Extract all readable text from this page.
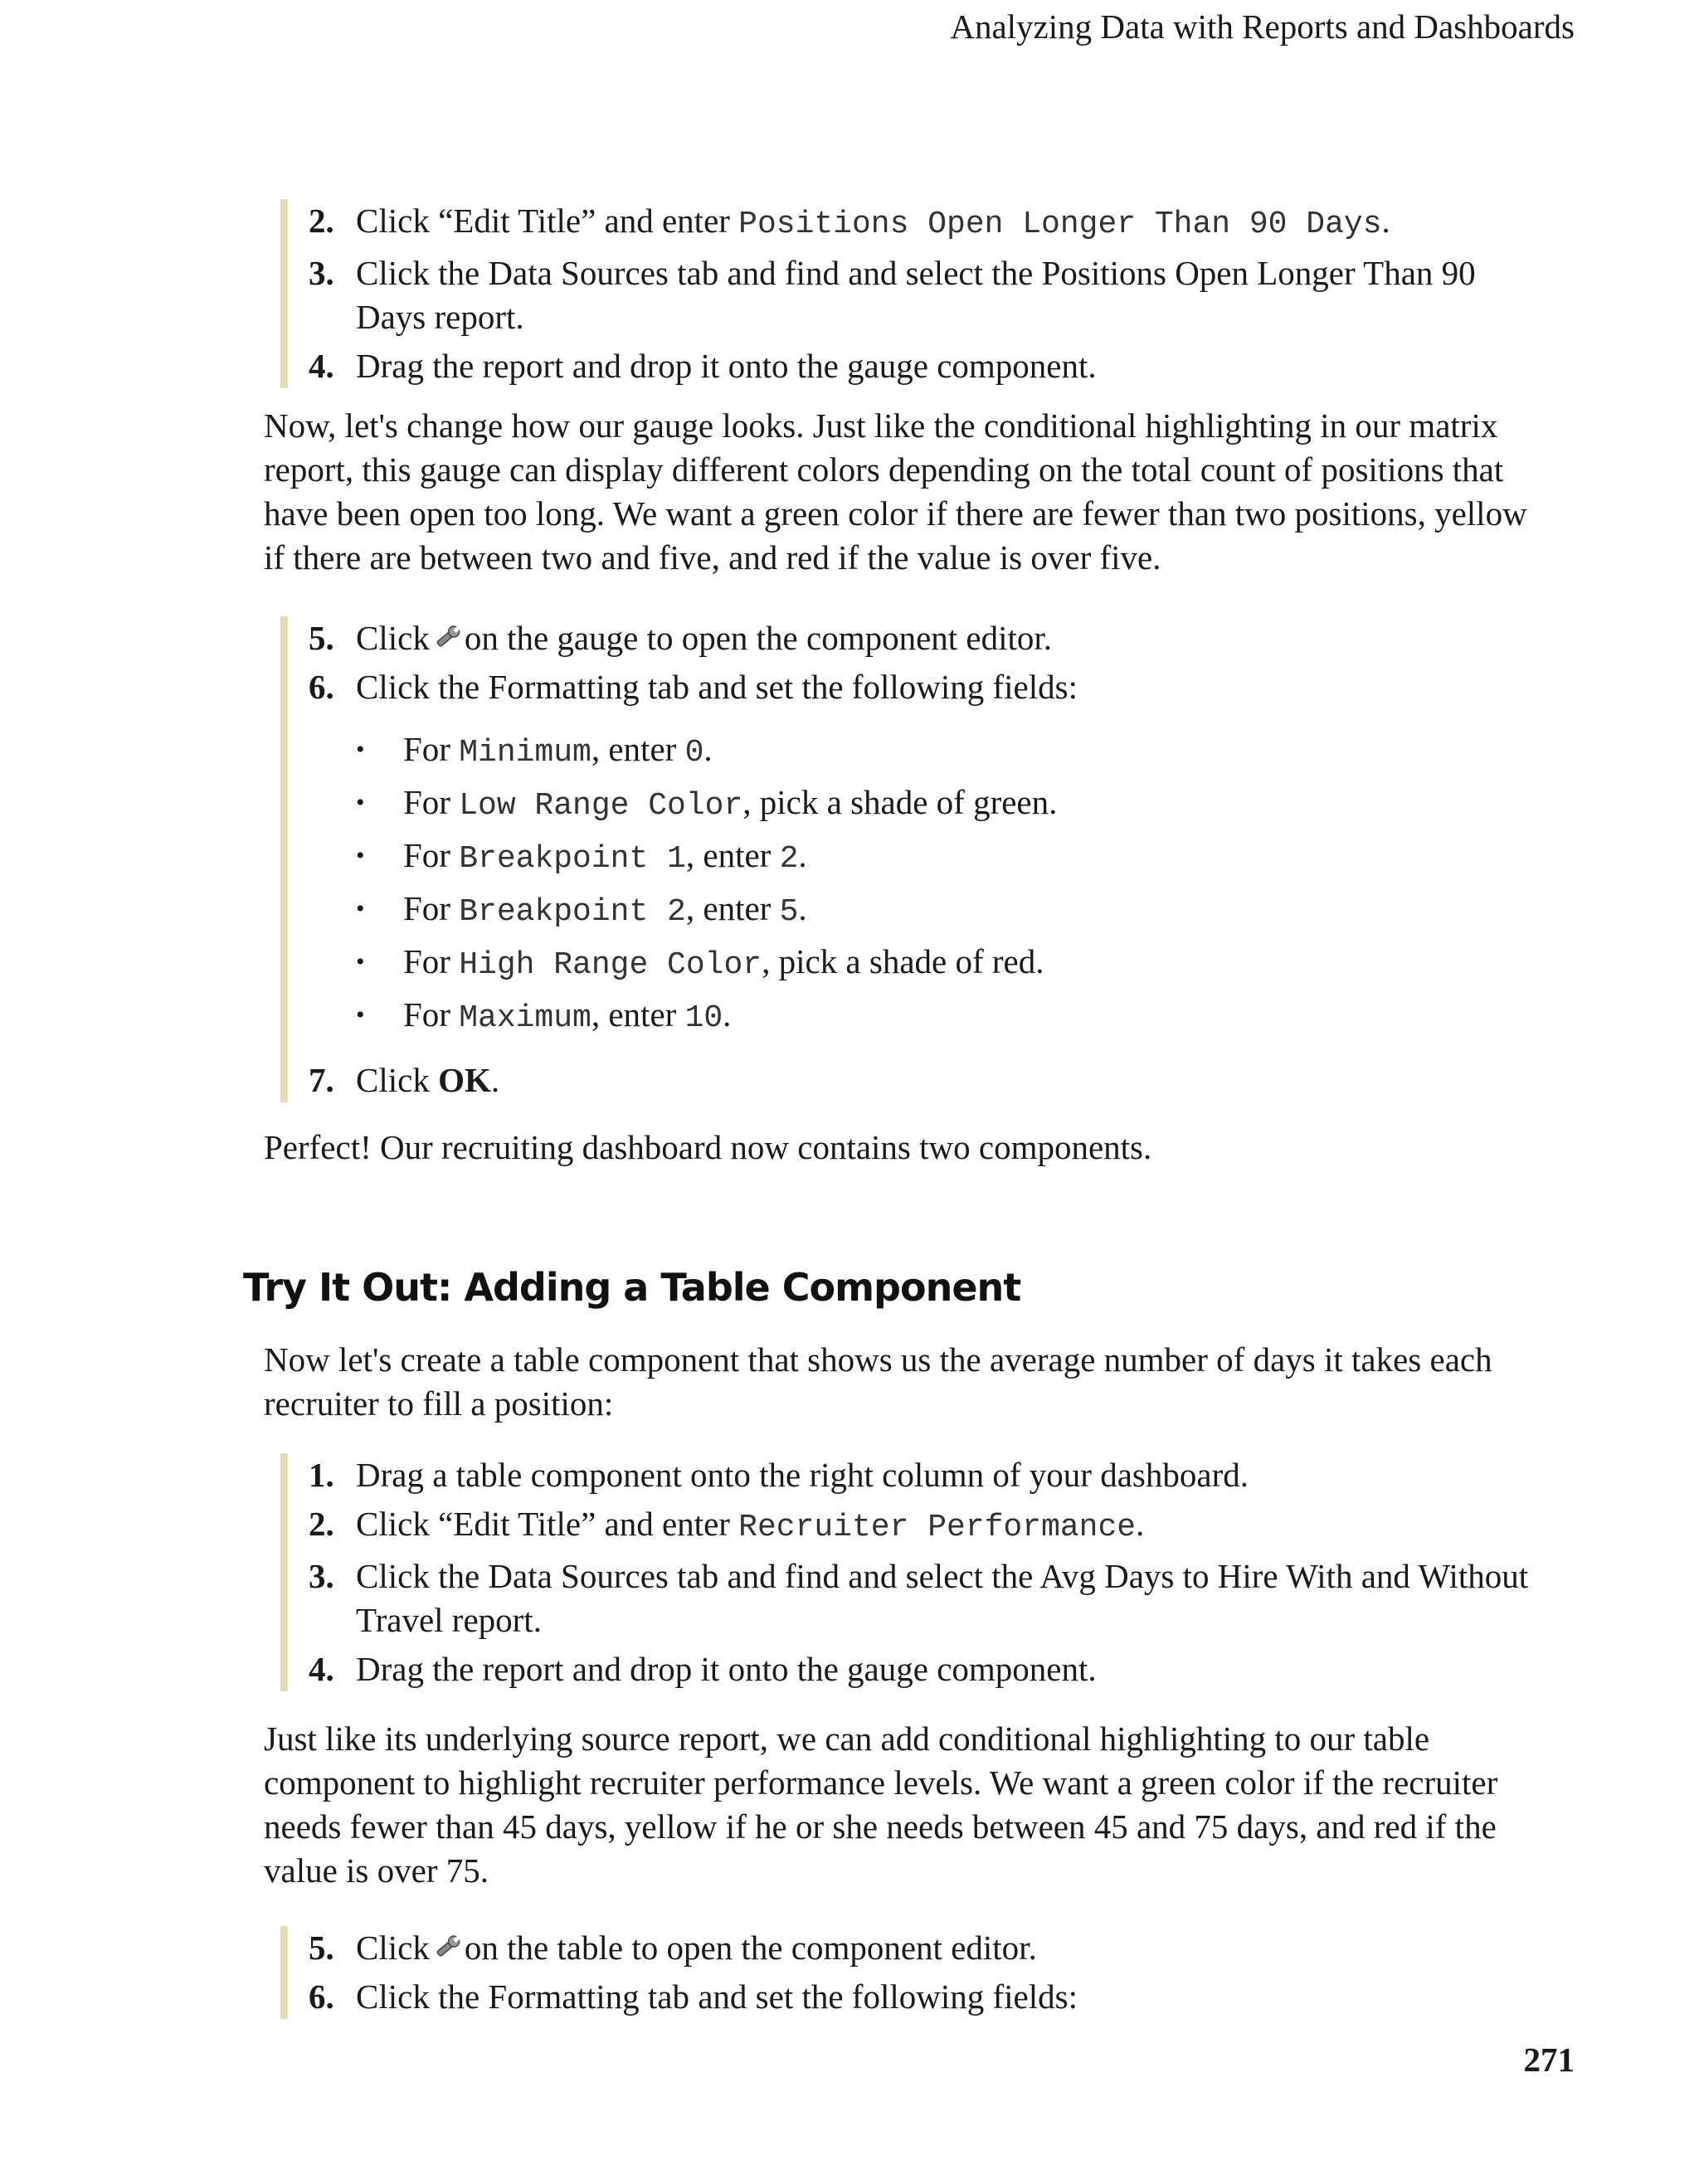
Analyzing Data with Reports and Dashboards
2. Click “Edit Title” and enter Positions Open Longer Than 90 Days.
3. Click the Data Sources tab and find and select the Positions Open Longer Than 90 Days report.
4. Drag the report and drop it onto the gauge component.

Now, let's change how our gauge looks. Just like the conditional highlighting in our matrix report, this gauge can display different colors depending on the total count of positions that have been open too long. We want a green color if there are fewer than two positions, yellow if there are between two and five, and red if the value is over five.

5. Click on the gauge to open the component editor.
6. Click the Formatting tab and set the following fields:
•	For Minimum, enter 0.
•	For Low Range Color, pick a shade of green.
•	For Breakpoint 1, enter 2.
•	For Breakpoint 2, enter 5.
•	For High Range Color, pick a shade of red.
•	For Maximum, enter 10.
7. Click OK.

Perfect! Our recruiting dashboard now contains two components.

Try It Out: Adding a Table Component

Now let's create a table component that shows us the average number of days it takes each recruiter to fill a position:

1. Drag a table component onto the right column of your dashboard.
2. Click “Edit Title” and enter Recruiter Performance.
3. Click the Data Sources tab and find and select the Avg Days to Hire With and Without Travel report.
4. Drag the report and drop it onto the gauge component.

Just like its underlying source report, we can add conditional highlighting to our table component to highlight recruiter performance levels. We want a green color if the recruiter needs fewer than 45 days, yellow if he or she needs between 45 and 75 days, and red if the value is over 75.

5. Click on the table to open the component editor.
6. Click the Formatting tab and set the following fields:
271
